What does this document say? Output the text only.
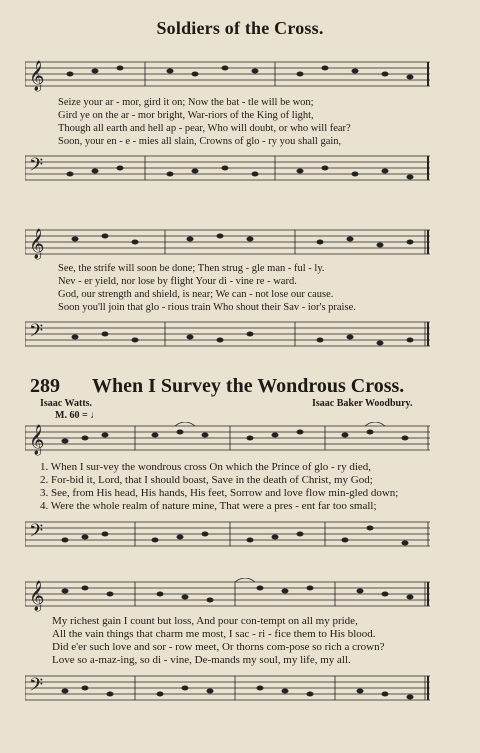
Soldiers of the Cross.
𝄞
Seize your ar - mor, gird it on; Now the bat - tle will be won;
Gird ye on the ar - mor bright, War-riors of the King of light,
Though all earth and hell ap - pear, Who will doubt, or who will fear?
Soon, your en - e - mies all slain, Crowns of glo - ry you shall gain,
𝄢
𝄞
See, the strife will soon be done; Then strug - gle man - ful - ly.
Nev - er yield, nor lose by flight Your di - vine re - ward.
God, our strength and shield, is near; We can - not lose our cause.
Soon you'll join that glo - rious train Who shout their Sav - ior's praise.
𝄢
289 When I Survey the Wondrous Cross.
Isaac Watts.	Isaac Baker Woodbury.
M. 60 = ♩
𝄞
1. When I sur-vey the wondrous cross On which the Prince of glo - ry died,
2. For-bid it, Lord, that I should boast, Save in the death of Christ, my God;
3. See, from His head, His hands, His feet, Sorrow and love flow min-gled down;
4. Were the whole realm of nature mine, That were a pres - ent far too small;
𝄢
𝄞
My richest gain I count but loss, And pour con-tempt on all my pride,
All the vain things that charm me most, I sac - ri - fice them to His blood.
Did e'er such love and sor - row meet, Or thorns com-pose so rich a crown?
Love so a-maz-ing, so di - vine, De-mands my soul, my life, my all.
𝄢
